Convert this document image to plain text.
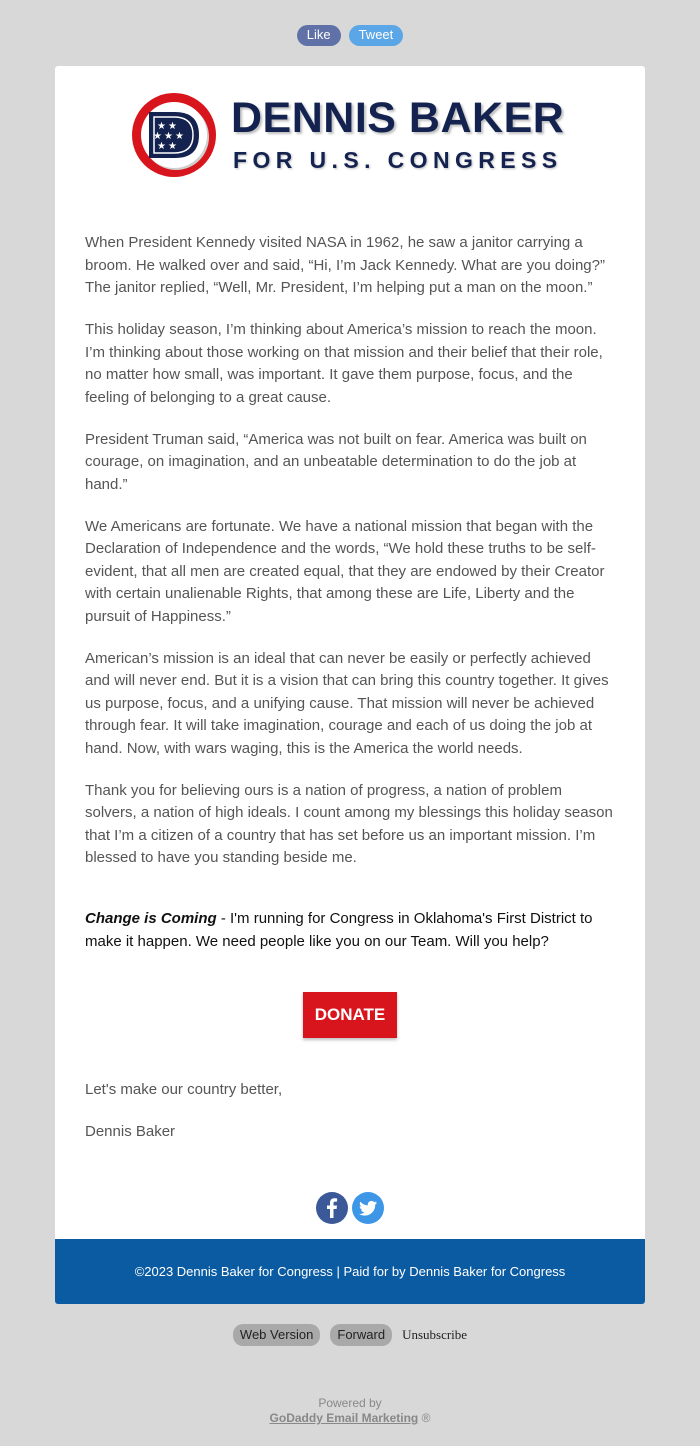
Like	Tweet
★ ★
★ ★ ★
★ ★
DENNIS BAKER
FOR U.S. CONGRESS

When President Kennedy visited NASA in 1962, he saw a janitor carrying a broom. He walked over and said, “Hi, I’m Jack Kennedy. What are you doing?” The janitor replied, “Well, Mr. President, I’m helping put a man on the moon.”

This holiday season, I’m thinking about America’s mission to reach the moon. I’m thinking about those working on that mission and their belief that their role, no matter how small, was important. It gave them purpose, focus, and the feeling of belonging to a great cause.

President Truman said, “America was not built on fear. America was built on courage, on imagination, and an unbeatable determination to do the job at hand.”

We Americans are fortunate. We have a national mission that began with the Declaration of Independence and the words, “We hold these truths to be self-evident, that all men are created equal, that they are endowed by their Creator with certain unalienable Rights, that among these are Life, Liberty and the pursuit of Happiness.”

American’s mission is an ideal that can never be easily or perfectly achieved and will never end. But it is a vision that can bring this country together. It gives us purpose, focus, and a unifying cause. That mission will never be achieved through fear. It will take imagination, courage and each of us doing the job at hand. Now, with wars waging, this is the America the world needs.

Thank you for believing ours is a nation of progress, a nation of problem solvers, a nation of high ideals. I count among my blessings this holiday season that I’m a citizen of a country that has set before us an important mission. I’m blessed to have you standing beside me.

Change is Coming - I'm running for Congress in Oklahoma's First District to make it happen. We need people like you on our Team. Will you help?
DONATE
Let's make our country better,
Dennis Baker
©2023 Dennis Baker for Congress | Paid for by Dennis Baker for Congress
Web Version	Forward	Unsubscribe
Powered by
GoDaddy Email Marketing ®
